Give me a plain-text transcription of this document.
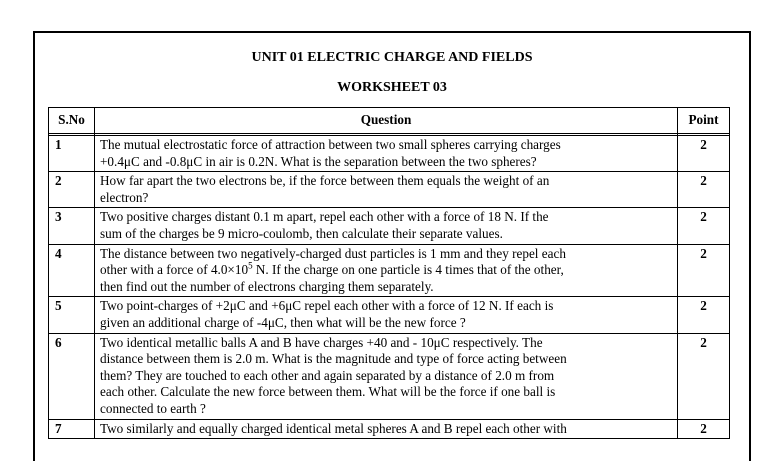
UNIT 01 ELECTRIC CHARGE AND FIELDS
WORKSHEET 03
S.No	Question	Point

1	The mutual electrostatic force of attraction between two small spheres carrying charges
+0.4μC and -0.8μC in air is 0.2N. What is the separation between the two spheres?	2
2	How far apart the two electrons be, if the force between them equals the weight of an
electron?	2
3	Two positive charges distant 0.1 m apart, repel each other with a force of 18 N. If the
sum of the charges be 9 micro-coulomb, then calculate their separate values.	2
4	The distance between two negatively-charged dust particles is 1 mm and they repel each
other with a force of $4.0\times 10^5$ N. If the charge on one particle is 4 times that of the other,
then find out the number of electrons charging them separately.	2
5	Two point-charges of +2μC and +6μC repel each other with a force of 12 N. If each is
given an additional charge of -4μC, then what will be the new force ?	2
6	Two identical metallic balls A and B have charges +40 and - 10μC respectively. The
distance between them is 2.0 m. What is the magnitude and type of force acting between
them? They are touched to each other and again separated by a distance of 2.0 m from
each other. Calculate the new force between them. What will be the force if one ball is
connected to earth ?	2
7	Two similarly and equally charged identical metal spheres A and B repel each other with	2
